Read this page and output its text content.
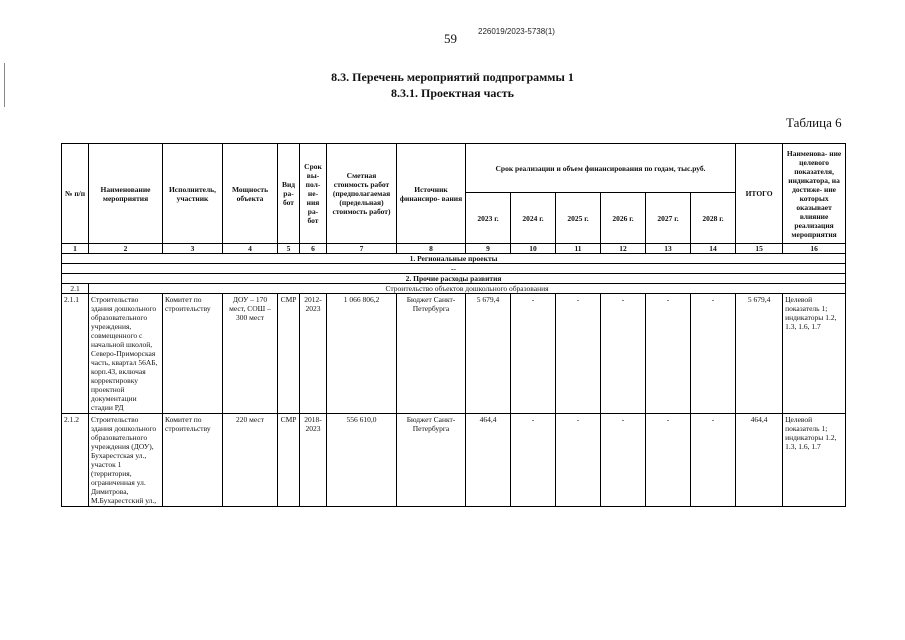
59	226019/2023-5738(1)
8.3. Перечень мероприятий подпрограммы 1
8.3.1. Проектная часть
Таблица 6
№ п/п	Наименование мероприятия	Исполнитель, участник	Мощность объекта	Вид ра- бот	Срок вы- пол- не- ния ра- бот	Сметная стоимость работ (предполагаемая (предельная) стоимость работ)	Источник финансиро- вания	Срок реализации и объем финансирования по годам, тыс.руб.						ИТОГО	Наименова- ние целевого показателя, индикатора, на достиже- ние которых оказывает влияние реализация мероприятия
								2023 г.	2024 г.	2025 г.	2026 г.	2027 г.	2028 г.		
1	2	3	4	5	6	7	8	9	10	11	12	13	14	15	16
1. Региональные проекты															
--															
2. Прочие расходы развития															
2.1	Строительство объектов дошкольного образования														
2.1.1	Строительство здания дошкольного образовательного учреждения, совмещенного с начальной школой, Северо-Приморская часть, квартал 56АБ, корп.43, включая корректировку проектной документации стадии РД	Комитет по строительству	ДОУ – 170 мест, СОШ – 300 мест	СМР	2012-2023	1 066 806,2	Бюджет Санкт-Петербурга	5 679,4	-	-	-	-	-	5 679,4	Целевой показатель 1; индикаторы 1.2, 1.3, 1.6, 1.7
2.1.2	Строительство здания дошкольного образовательного учреждения (ДОУ), Бухарестская ул., участок 1 (территория, ограниченная ул. Димитрова, М.Бухарестский ул.,	Комитет по строительству	220 мест	СМР	2018-2023	556 610,0	Бюджет Санкт-Петербурга	464,4	-	-	-	-	-	464,4	Целевой показатель 1; индикаторы 1.2, 1.3, 1.6, 1.7
